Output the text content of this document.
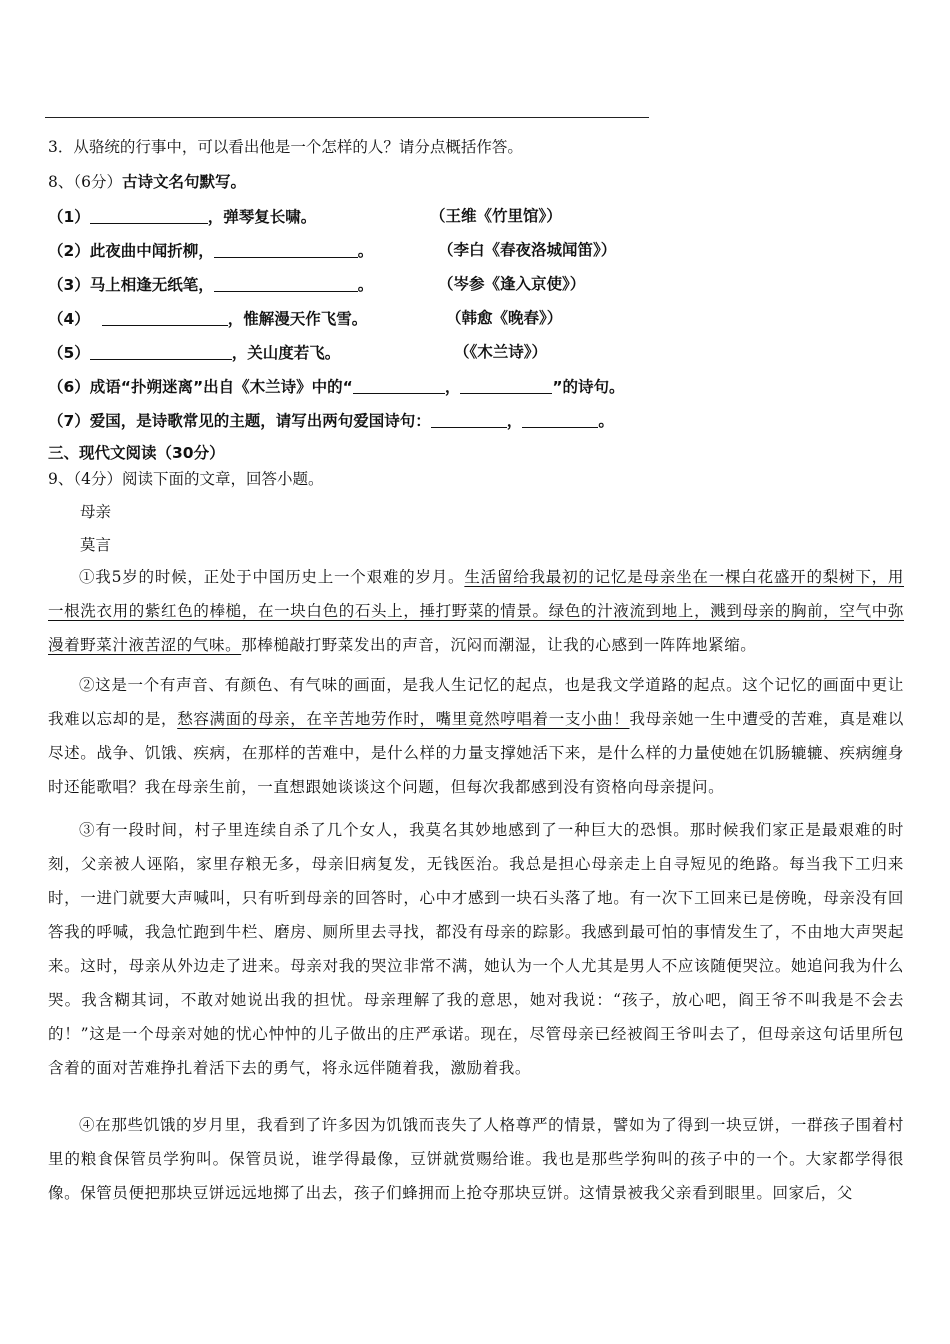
3．从骆统的行事中，可以看出他是一个怎样的人？请分点概括作答。
8、（6分）古诗文名句默写。
（1）	，弹琴复长啸。	（王维《竹里馆》）
（2）此夜曲中闻折柳，	。	（李白《春夜洛城闻笛》）
（3）马上相逢无纸笔，	。	（岑参《逢入京使》）
（4）	，惟解漫天作飞雪。	（韩愈《晚春》）
（5）	，关山度若飞。	（《木兰诗》）
（6）成语“扑朔迷离”出自《木兰诗》中的“	，	”的诗句。
（7）爱国，是诗歌常见的主题，请写出两句爱国诗句：	，	。
三、现代文阅读（30分）
9、（4分）阅读下面的文章，回答小题。
母亲
莫言
①我5岁的时候，正处于中国历史上一个艰难的岁月。生活留给我最初的记忆是母亲坐在一棵白花盛开的梨树下，用一根洗衣用的紫红色的棒槌，在一块白色的石头上，捶打野菜的情景。绿色的汁液流到地上，溅到母亲的胸前，空气中弥漫着野菜汁液苦涩的气味。那棒槌敲打野菜发出的声音，沉闷而潮湿，让我的心感到一阵阵地紧缩。
②这是一个有声音、有颜色、有气味的画面，是我人生记忆的起点，也是我文学道路的起点。这个记忆的画面中更让我难以忘却的是，愁容满面的母亲，在辛苦地劳作时，嘴里竟然哼唱着一支小曲！我母亲她一生中遭受的苦难，真是难以尽述。战争、饥饿、疾病，在那样的苦难中，是什么样的力量支撑她活下来，是什么样的力量使她在饥肠辘辘、疾病缠身时还能歌唱？我在母亲生前，一直想跟她谈谈这个问题，但每次我都感到没有资格向母亲提问。
③有一段时间，村子里连续自杀了几个女人，我莫名其妙地感到了一种巨大的恐惧。那时候我们家正是最艰难的时刻，父亲被人诬陷，家里存粮无多，母亲旧病复发，无钱医治。我总是担心母亲走上自寻短见的绝路。每当我下工归来时，一进门就要大声喊叫，只有听到母亲的回答时，心中才感到一块石头落了地。有一次下工回来已是傍晚，母亲没有回答我的呼喊，我急忙跑到牛栏、磨房、厕所里去寻找，都没有母亲的踪影。我感到最可怕的事情发生了，不由地大声哭起来。这时，母亲从外边走了进来。母亲对我的哭泣非常不满，她认为一个人尤其是男人不应该随便哭泣。她追问我为什么哭。我含糊其词，不敢对她说出我的担忧。母亲理解了我的意思，她对我说：“孩子，放心吧，阎王爷不叫我是不会去的！”这是一个母亲对她的忧心忡忡的儿子做出的庄严承诺。现在，尽管母亲已经被阎王爷叫去了，但母亲这句话里所包含着的面对苦难挣扎着活下去的勇气，将永远伴随着我，激励着我。
④在那些饥饿的岁月里，我看到了许多因为饥饿而丧失了人格尊严的情景，譬如为了得到一块豆饼，一群孩子围着村里的粮食保管员学狗叫。保管员说，谁学得最像，豆饼就赏赐给谁。我也是那些学狗叫的孩子中的一个。大家都学得很像。保管员便把那块豆饼远远地掷了出去，孩子们蜂拥而上抢夺那块豆饼。这情景被我父亲看到眼里。回家后，父
